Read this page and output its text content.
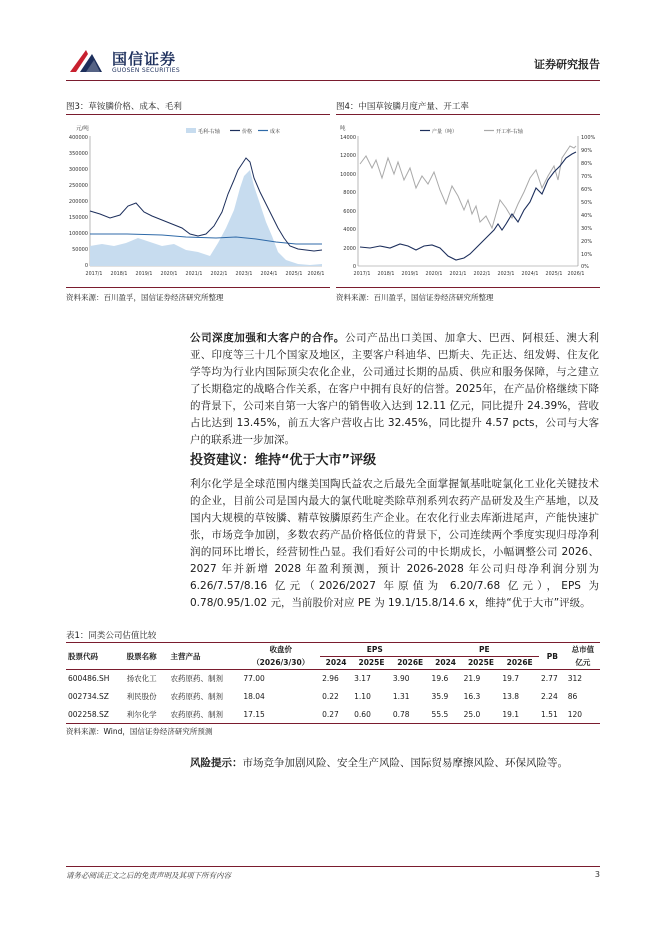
国信证券
GUOSEN SECURITIES	证券研究报告
图3：草铵膦价格、成本、毛利
400000
350000
300000
250000
200000
150000
100000
50000
0
元/吨	毛利-右轴	价格	成本
2017/1 2018/1 2019/1 2020/1 2021/1 2022/1 2023/1 2024/1 2025/1 2026/1
资料来源：百川盈孚，国信证券经济研究所整理
图4：中国草铵膦月度产量、开工率
吨
14000
12000
10000
8000
6000
4000
2000
0
100%
90%
80%
70%
60%
50%
40%
30%
20%
10%
0%
产量（吨）	开工率-右轴
2017/1 2018/1 2019/1 2020/1 2021/1 2022/1 2023/1 2024/1 2025/1 2026/1
资料来源：百川盈孚，国信证券经济研究所整理
公司深度加强和大客户的合作。公司产品出口美国、加拿大、巴西、阿根廷、澳大利亚、印度等三十几个国家及地区，主要客户科迪华、巴斯夫、先正达、纽发姆、住友化学等均为行业内国际顶尖农化企业，公司通过长期的品质、供应和服务保障，与之建立了长期稳定的战略合作关系，在客户中拥有良好的信誉。2025年，在产品价格继续下降的背景下，公司来自第一大客户的销售收入达到 12.11 亿元，同比提升 24.39%，营收占比达到 13.45%，前五大客户营收占比 32.45%，同比提升 4.57 pcts，公司与大客户的联系进一步加深。
投资建议：维持“优于大市”评级
利尔化学是全球范围内继美国陶氏益农之后最先全面掌握氰基吡啶氯化工业化关键技术的企业，目前公司是国内最大的氯代吡啶类除草剂系列农药产品研发及生产基地，以及国内大规模的草铵膦、精草铵膦原药生产企业。在农化行业去库渐进尾声，产能快速扩张，市场竞争加剧，多数农药产品价格低位的背景下，公司连续两个季度实现归母净利润的同环比增长，经营韧性凸显。我们看好公司的中长期成长，小幅调整公司 2026、2027 年并新增 2028 年盈利预测，预计 2026-2028 年公司归母净利润分别为 6.26/7.57/8.16 亿元（2026/2027 年原值为 6.20/7.68 亿元），EPS 为 0.78/0.95/1.02 元，当前股价对应 PE 为 19.1/15.8/14.6 x，维持“优于大市”评级。
表1：同类公司估值比较

股票代码	股票名称	主营产品	收盘价	EPS			PE			PB	总市值
			（2026/3/30）	2024	2025E	2026E	2024	2025E	2026E		亿元
600486.SH	扬农化工	农药原药、制剂	77.00	2.96	3.17	3.90	19.6	21.9	19.7	2.77	312
002734.SZ	利民股份	农药原药、制剂	18.04	0.22	1.10	1.31	35.9	16.3	13.8	2.24	86
002258.SZ	利尔化学	农药原药、制剂	17.15	0.27	0.60	0.78	55.5	25.0	19.1	1.51	120
资料来源：Wind，国信证券经济研究所预测
风险提示：市场竞争加剧风险、安全生产风险、国际贸易摩擦风险、环保风险等。
请务必阅读正文之后的免责声明及其项下所有内容	3
